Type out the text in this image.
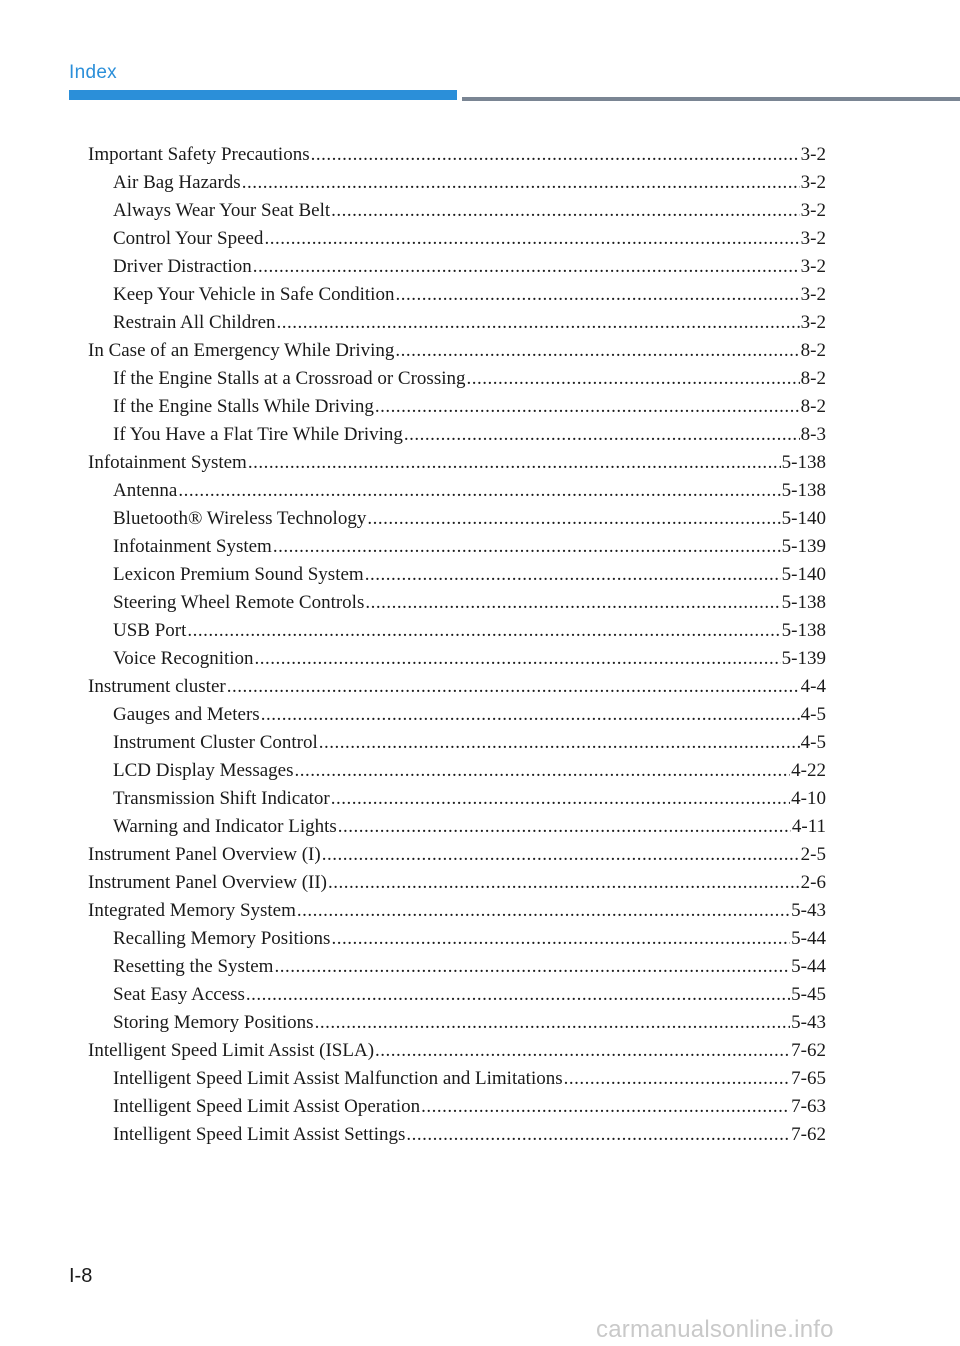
Index
Important Safety Precautions .....	3-2
Air Bag Hazards .....	3-2
Always Wear Your Seat Belt .....	3-2
Control Your Speed .....	3-2
Driver Distraction .....	3-2
Keep Your Vehicle in Safe Condition .....	3-2
Restrain All Children .....	3-2
In Case of an Emergency While Driving .....	8-2
If the Engine Stalls at a Crossroad or Crossing .....	8-2
If the Engine Stalls While Driving .....	8-2
If You Have a Flat Tire While Driving .....	8-3
Infotainment System .....	5-138
Antenna .....	5-138
Bluetooth® Wireless Technology .....	5-140
Infotainment System .....	5-139
Lexicon Premium Sound System .....	5-140
Steering Wheel Remote Controls .....	5-138
USB Port .....	5-138
Voice Recognition .....	5-139
Instrument cluster .....	4-4
Gauges and Meters .....	4-5
Instrument Cluster Control .....	4-5
LCD Display Messages .....	4-22
Transmission Shift Indicator .....	4-10
Warning and Indicator Lights .....	4-11
Instrument Panel Overview (I) .....	2-5
Instrument Panel Overview (II) .....	2-6
Integrated Memory System .....	5-43
Recalling Memory Positions .....	5-44
Resetting the System .....	5-44
Seat Easy Access .....	5-45
Storing Memory Positions .....	5-43
Intelligent Speed Limit Assist (ISLA) .....	7-62
Intelligent Speed Limit Assist Malfunction and Limitations .....	7-65
Intelligent Speed Limit Assist Operation .....	7-63
Intelligent Speed Limit Assist Settings .....	7-62
I-8
carmanualsonline.info
